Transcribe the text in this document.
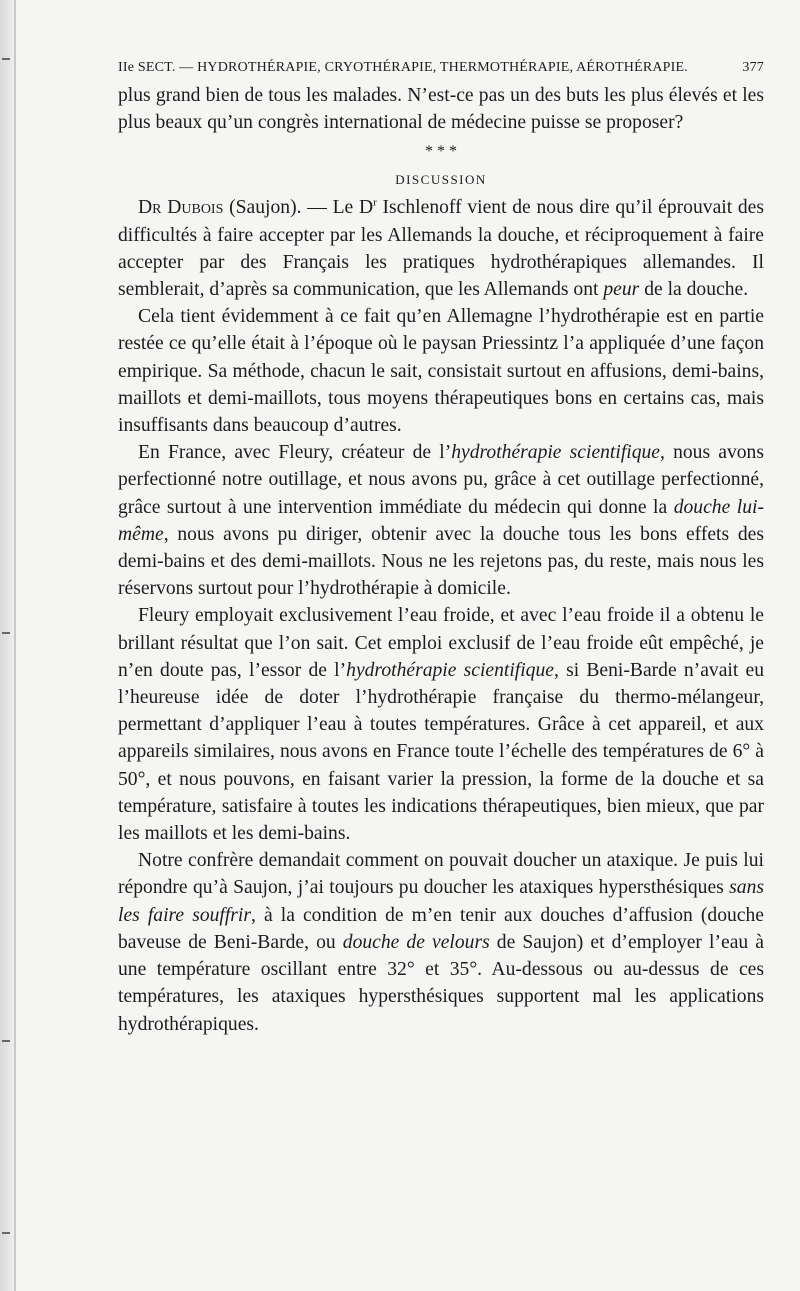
IIe SECT. — HYDROTHÉRAPIE, CRYOTHÉRAPIE, THERMOTHÉRAPIE, AÉROTHÉRAPIE.	377

plus grand bien de tous les malades. N’est-ce pas un des buts les plus élevés et les plus beaux qu’un congrès international de médecine puisse se proposer?

* * *
DISCUSSION

Dr Dubois (Saujon). — Le $D^r$ Ischlenoff vient de nous dire qu’il éprouvait des difficultés à faire accepter par les Allemands la douche, et réciproquement à faire accepter par des Français les pratiques hydrothérapiques allemandes. Il semblerait, d’après sa communication, que les Allemands ont peur de la douche.

Cela tient évidemment à ce fait qu’en Allemagne l’hydrothérapie est en partie restée ce qu’elle était à l’époque où le paysan Priessintz l’a appliquée d’une façon empirique. Sa méthode, chacun le sait, consistait surtout en affusions, demi-bains, maillots et demi-maillots, tous moyens thérapeutiques bons en certains cas, mais insuffisants dans beaucoup d’autres.

En France, avec Fleury, créateur de l’hydrothérapie scientifique, nous avons perfectionné notre outillage, et nous avons pu, grâce à cet outillage perfectionné, grâce surtout à une intervention immédiate du médecin qui donne la douche lui-même, nous avons pu diriger, obtenir avec la douche tous les bons effets des demi-bains et des demi-maillots. Nous ne les rejetons pas, du reste, mais nous les réservons surtout pour l’hydrothérapie à domicile.

Fleury employait exclusivement l’eau froide, et avec l’eau froide il a obtenu le brillant résultat que l’on sait. Cet emploi exclusif de l’eau froide eût empêché, je n’en doute pas, l’essor de l’hydrothérapie scientifique, si Beni-Barde n’avait eu l’heureuse idée de doter l’hydrothérapie française du thermo-mélangeur, permettant d’appliquer l’eau à toutes températures. Grâce à cet appareil, et aux appareils similaires, nous avons en France toute l’échelle des températures de 6° à 50°, et nous pouvons, en faisant varier la pression, la forme de la douche et sa température, satisfaire à toutes les indications thérapeutiques, bien mieux, que par les maillots et les demi-bains.

Notre confrère demandait comment on pouvait doucher un ataxique. Je puis lui répondre qu’à Saujon, j’ai toujours pu doucher les ataxiques hypersthésiques sans les faire souffrir, à la condition de m’en tenir aux douches d’affusion (douche baveuse de Beni-Barde, ou douche de velours de Saujon) et d’employer l’eau à une température oscillant entre 32° et 35°. Au-dessous ou au-dessus de ces températures, les ataxiques hypersthésiques supportent mal les applications hydrothérapiques.
